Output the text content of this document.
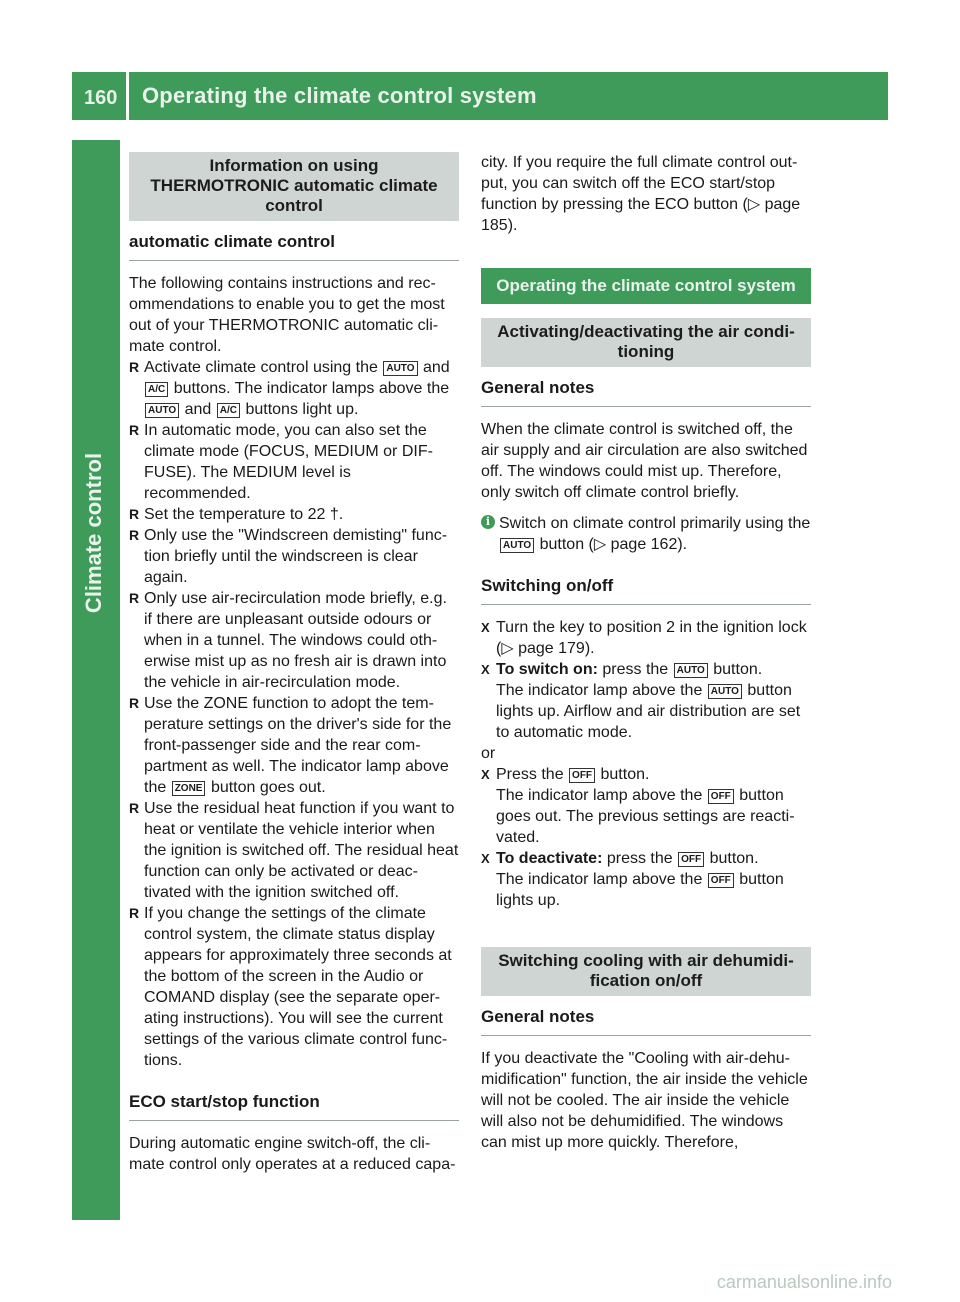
160 Operating the climate control system
Climate control
Information on using THERMOTRONIC automatic climate control
automatic climate control

The following contains instructions and recommendations to enable you to get the most out of your THERMOTRONIC automatic climate control.

R Activate climate control using the AUTO and A/C buttons. The indicator lamps above the AUTO and A/C buttons light up.
R In automatic mode, you can also set the climate mode (FOCUS, MEDIUM or DIFFUSE). The MEDIUM level is recommended.
R Set the temperature to 22 †.
R Only use the "Windscreen demisting" function briefly until the windscreen is clear again.
R Only use air-recirculation mode briefly, e.g. if there are unpleasant outside odours or when in a tunnel. The windows could otherwise mist up as no fresh air is drawn into the vehicle in air-recirculation mode.
R Use the ZONE function to adopt the temperature settings on the driver's side for the front-passenger side and the rear compartment as well. The indicator lamp above the ZONE button goes out.
R Use the residual heat function if you want to heat or ventilate the vehicle interior when the ignition is switched off. The residual heat function can only be activated or deactivated with the ignition switched off.
R If you change the settings of the climate control system, the climate status display appears for approximately three seconds at the bottom of the screen in the Audio or COMAND display (see the separate operating instructions). You will see the current settings of the various climate control functions.
ECO start/stop function

During automatic engine switch-off, the climate control only operates at a reduced capa-

city. If you require the full climate control output, you can switch off the ECO start/stop function by pressing the ECO button (▷ page 185).

Operating the climate control system
Activating/deactivating the air conditioning
General notes

When the climate control is switched off, the air supply and air circulation are also switched off. The windows could mist up. Therefore, only switch off climate control briefly.

i Switch on climate control primarily using the AUTO button (▷ page 162).
Switching on/off
X Turn the key to position 2 in the ignition lock (▷ page 179).
X To switch on: press the AUTO button.
The indicator lamp above the AUTO button lights up. Airflow and air distribution are set to automatic mode.

or

X Press the OFF button.
The indicator lamp above the OFF button goes out. The previous settings are reactivated.
X To deactivate: press the OFF button.
The indicator lamp above the OFF button lights up.
Switching cooling with air dehumidification on/off
General notes

If you deactivate the "Cooling with air-dehumidification" function, the air inside the vehicle will not be cooled. The air inside the vehicle will also not be dehumidified. The windows can mist up more quickly. Therefore,

carmanualsonline.info
